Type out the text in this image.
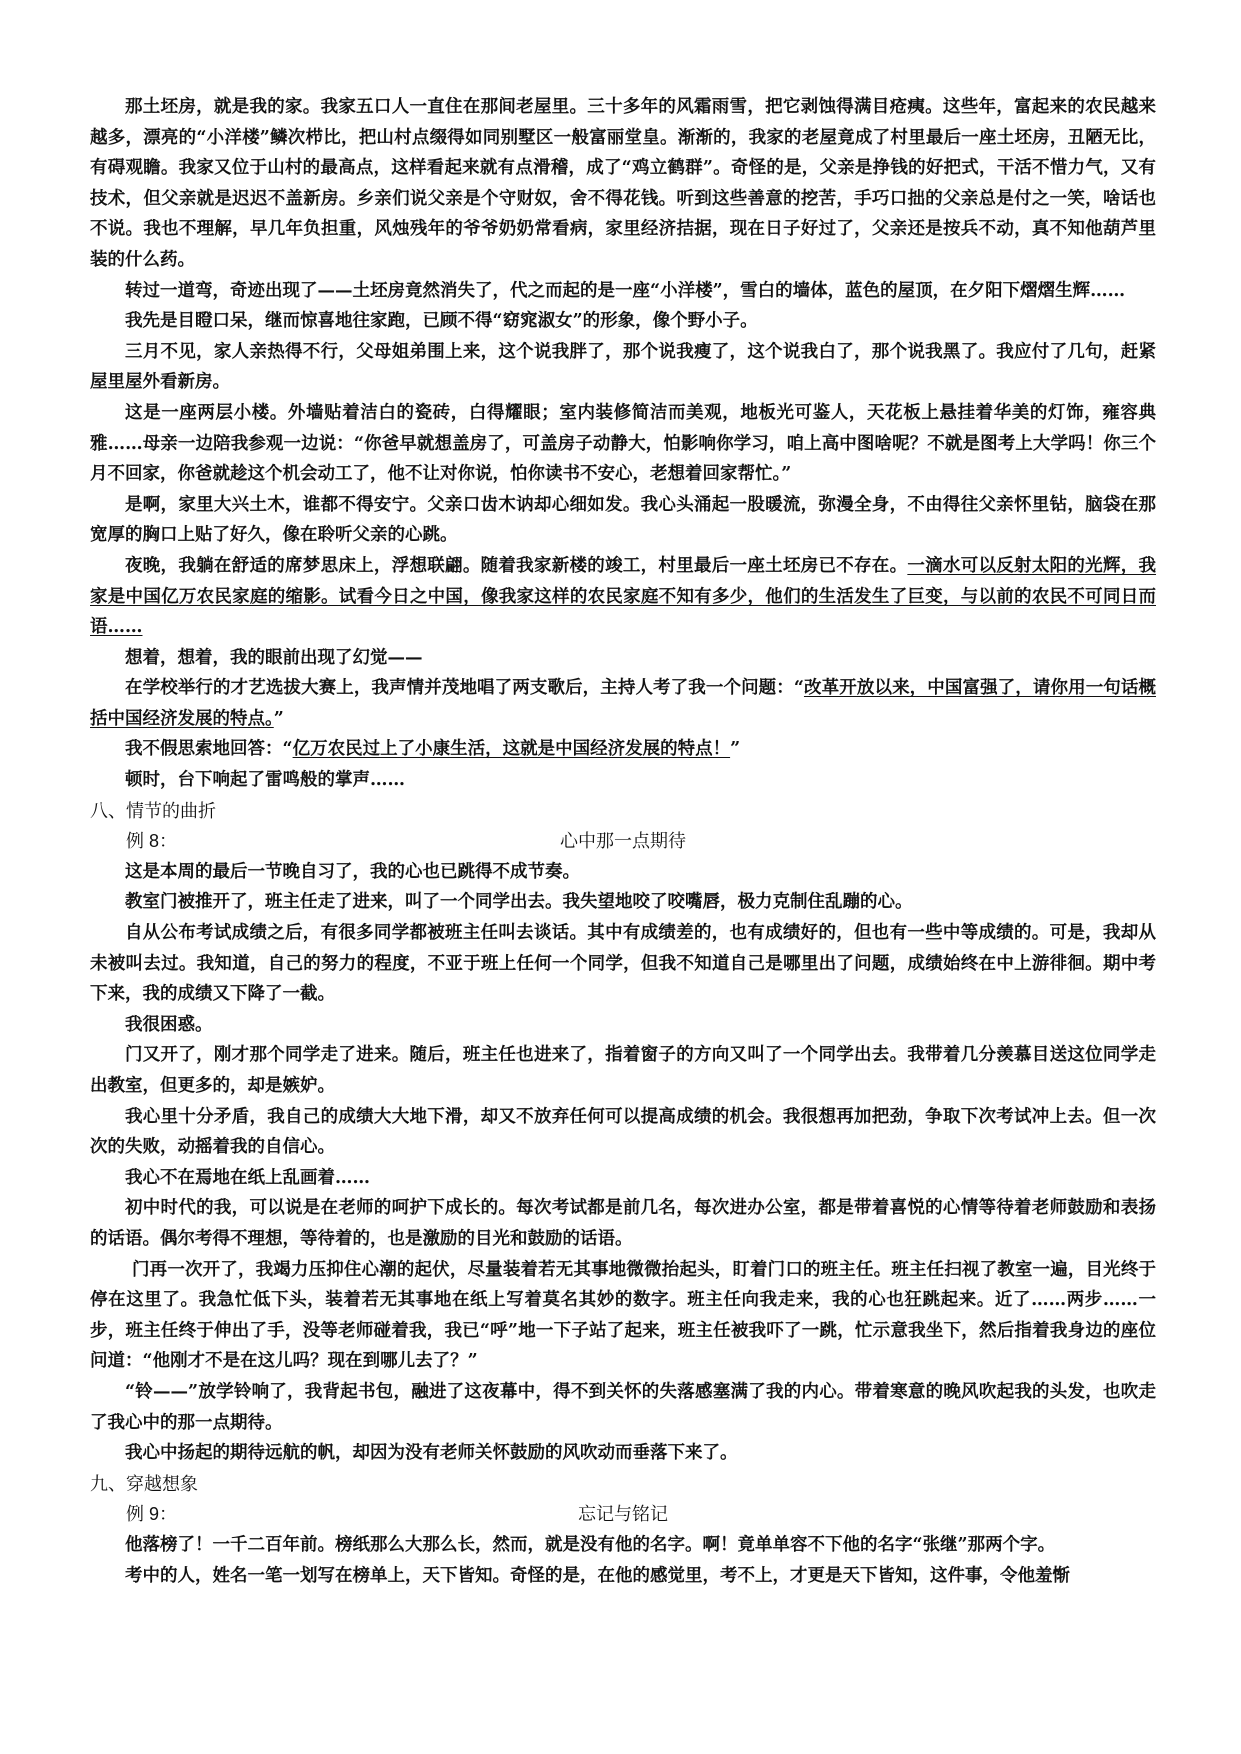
那土坯房，就是我的家。我家五口人一直住在那间老屋里。三十多年的风霜雨雪，把它剥蚀得满目疮痍。这些年，富起来的农民越来越多，漂亮的“小洋楼”鳞次栉比，把山村点缀得如同别墅区一般富丽堂皇。渐渐的，我家的老屋竟成了村里最后一座土坯房，丑陋无比，有碍观瞻。我家又位于山村的最高点，这样看起来就有点滑稽，成了“鸡立鹤群”。奇怪的是，父亲是挣钱的好把式，干活不惜力气，又有技术，但父亲就是迟迟不盖新房。乡亲们说父亲是个守财奴，舍不得花钱。听到这些善意的挖苦，手巧口拙的父亲总是付之一笑，啥话也不说。我也不理解，早几年负担重，风烛残年的爷爷奶奶常看病，家里经济拮据，现在日子好过了，父亲还是按兵不动，真不知他葫芦里装的什么药。

转过一道弯，奇迹出现了——土坯房竟然消失了，代之而起的是一座“小洋楼”，雪白的墙体，蓝色的屋顶，在夕阳下熠熠生辉……

我先是目瞪口呆，继而惊喜地往家跑，已顾不得“窈窕淑女”的形象，像个野小子。

三月不见，家人亲热得不行，父母姐弟围上来，这个说我胖了，那个说我瘦了，这个说我白了，那个说我黑了。我应付了几句，赶紧屋里屋外看新房。

这是一座两层小楼。外墙贴着洁白的瓷砖，白得耀眼；室内装修简洁而美观，地板光可鉴人，天花板上悬挂着华美的灯饰，雍容典雅……母亲一边陪我参观一边说：“你爸早就想盖房了，可盖房子动静大，怕影响你学习，咱上高中图啥呢？不就是图考上大学吗！你三个月不回家，你爸就趁这个机会动工了，他不让对你说，怕你读书不安心，老想着回家帮忙。”

是啊，家里大兴土木，谁都不得安宁。父亲口齿木讷却心细如发。我心头涌起一股暖流，弥漫全身，不由得往父亲怀里钻，脑袋在那宽厚的胸口上贴了好久，像在聆听父亲的心跳。

夜晚，我躺在舒适的席梦思床上，浮想联翩。随着我家新楼的竣工，村里最后一座土坯房已不存在。一滴水可以反射太阳的光辉，我家是中国亿万农民家庭的缩影。试看今日之中国，像我家这样的农民家庭不知有多少，他们的生活发生了巨变，与以前的农民不可同日而语……

想着，想着，我的眼前出现了幻觉——

在学校举行的才艺选拔大赛上，我声情并茂地唱了两支歌后，主持人考了我一个问题：“改革开放以来，中国富强了，请你用一句话概括中国经济发展的特点。”

我不假思索地回答：“亿万农民过上了小康生活，这就是中国经济发展的特点！”

顿时，台下响起了雷鸣般的掌声……

八、情节的曲折

例 8：	心中那一点期待

这是本周的最后一节晚自习了，我的心也已跳得不成节奏。

教室门被推开了，班主任走了进来，叫了一个同学出去。我失望地咬了咬嘴唇，极力克制住乱蹦的心。

自从公布考试成绩之后，有很多同学都被班主任叫去谈话。其中有成绩差的，也有成绩好的，但也有一些中等成绩的。可是，我却从未被叫去过。我知道，自己的努力的程度，不亚于班上任何一个同学，但我不知道自己是哪里出了问题，成绩始终在中上游徘徊。期中考下来，我的成绩又下降了一截。

我很困惑。

门又开了，刚才那个同学走了进来。随后，班主任也进来了，指着窗子的方向又叫了一个同学出去。我带着几分羡慕目送这位同学走出教室，但更多的，却是嫉妒。

我心里十分矛盾，我自己的成绩大大地下滑，却又不放弃任何可以提高成绩的机会。我很想再加把劲，争取下次考试冲上去。但一次次的失败，动摇着我的自信心。

我心不在焉地在纸上乱画着……

初中时代的我，可以说是在老师的呵护下成长的。每次考试都是前几名，每次进办公室，都是带着喜悦的心情等待着老师鼓励和表扬的话语。偶尔考得不理想，等待着的，也是激励的目光和鼓励的话语。

门再一次开了，我竭力压抑住心潮的起伏，尽量装着若无其事地微微抬起头，盯着门口的班主任。班主任扫视了教室一遍，目光终于停在这里了。我急忙低下头，装着若无其事地在纸上写着莫名其妙的数字。班主任向我走来，我的心也狂跳起来。近了……两步……一步，班主任终于伸出了手，没等老师碰着我，我已“呼”地一下子站了起来，班主任被我吓了一跳，忙示意我坐下，然后指着我身边的座位问道：“他刚才不是在这儿吗？现在到哪儿去了？”

“铃——”放学铃响了，我背起书包，融进了这夜幕中，得不到关怀的失落感塞满了我的内心。带着寒意的晚风吹起我的头发，也吹走了我心中的那一点期待。

我心中扬起的期待远航的帆，却因为没有老师关怀鼓励的风吹动而垂落下来了。

九、穿越想象

例 9：	忘记与铭记

他落榜了！一千二百年前。榜纸那么大那么长，然而，就是没有他的名字。啊！竟单单容不下他的名字“张继”那两个字。

考中的人，姓名一笔一划写在榜单上，天下皆知。奇怪的是，在他的感觉里，考不上，才更是天下皆知，这件事，令他羞惭
